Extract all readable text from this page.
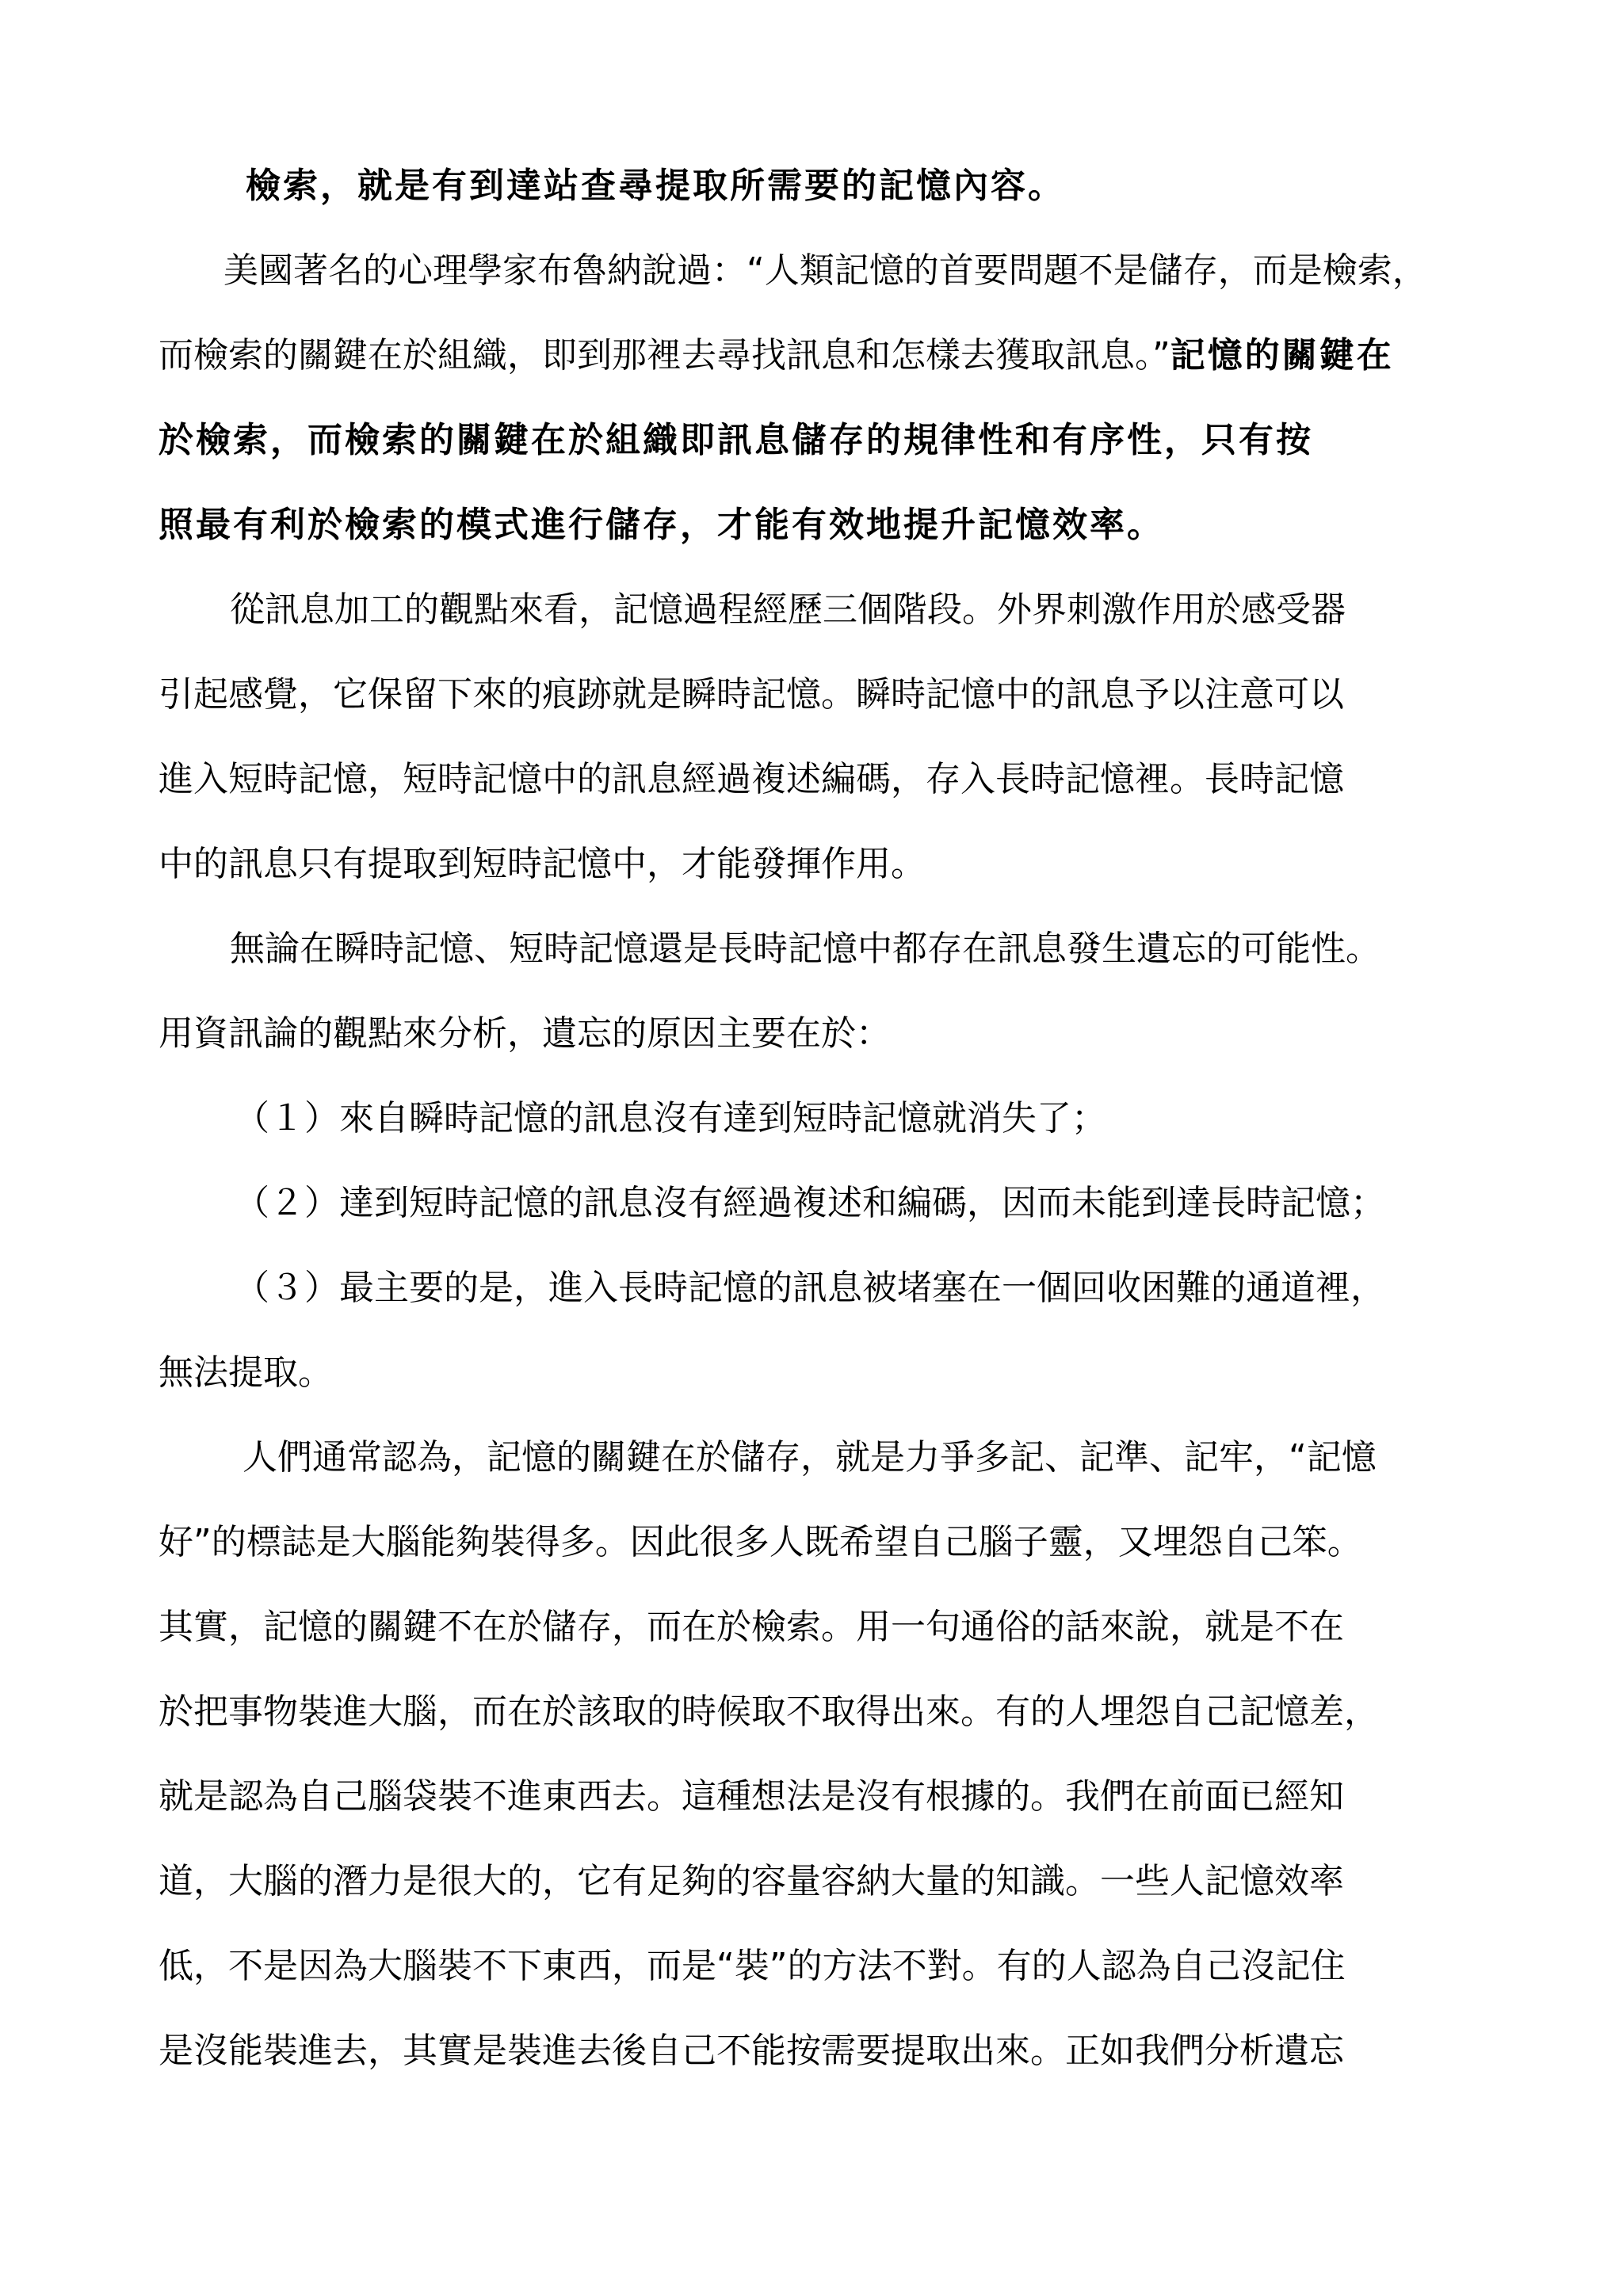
檢索，就是有到達站查尋提取所需要的記憶內容。
美國著名的心理學家布魯納說過：“人類記憶的首要問題不是儲存，而是檢索，
而檢索的關鍵在於組織，即到那裡去尋找訊息和怎樣去獲取訊息。”記憶的關鍵在
於檢索，而檢索的關鍵在於組織即訊息儲存的規律性和有序性，只有按
照最有利於檢索的模式進行儲存，才能有效地提升記憶效率。
從訊息加工的觀點來看，記憶過程經歷三個階段。外界刺激作用於感受器
引起感覺，它保留下來的痕跡就是瞬時記憶。瞬時記憶中的訊息予以注意可以
進入短時記憶，短時記憶中的訊息經過複述編碼，存入長時記憶裡。長時記憶
中的訊息只有提取到短時記憶中，才能發揮作用。
無論在瞬時記憶、短時記憶還是長時記憶中都存在訊息發生遺忘的可能性。
用資訊論的觀點來分析，遺忘的原因主要在於：
（１）來自瞬時記憶的訊息沒有達到短時記憶就消失了；
（２）達到短時記憶的訊息沒有經過複述和編碼，因而未能到達長時記憶；
（３）最主要的是，進入長時記憶的訊息被堵塞在一個回收困難的通道裡，
無法提取。
人們通常認為，記憶的關鍵在於儲存，就是力爭多記、記準、記牢，“記憶
好”的標誌是大腦能夠裝得多。因此很多人既希望自己腦子靈，又埋怨自己笨。
其實，記憶的關鍵不在於儲存，而在於檢索。用一句通俗的話來說，就是不在
於把事物裝進大腦，而在於該取的時候取不取得出來。有的人埋怨自己記憶差，
就是認為自己腦袋裝不進東西去。這種想法是沒有根據的。我們在前面已經知
道，大腦的潛力是很大的，它有足夠的容量容納大量的知識。一些人記憶效率
低，不是因為大腦裝不下東西，而是“裝”的方法不對。有的人認為自己沒記住
是沒能裝進去，其實是裝進去後自己不能按需要提取出來。正如我們分析遺忘
